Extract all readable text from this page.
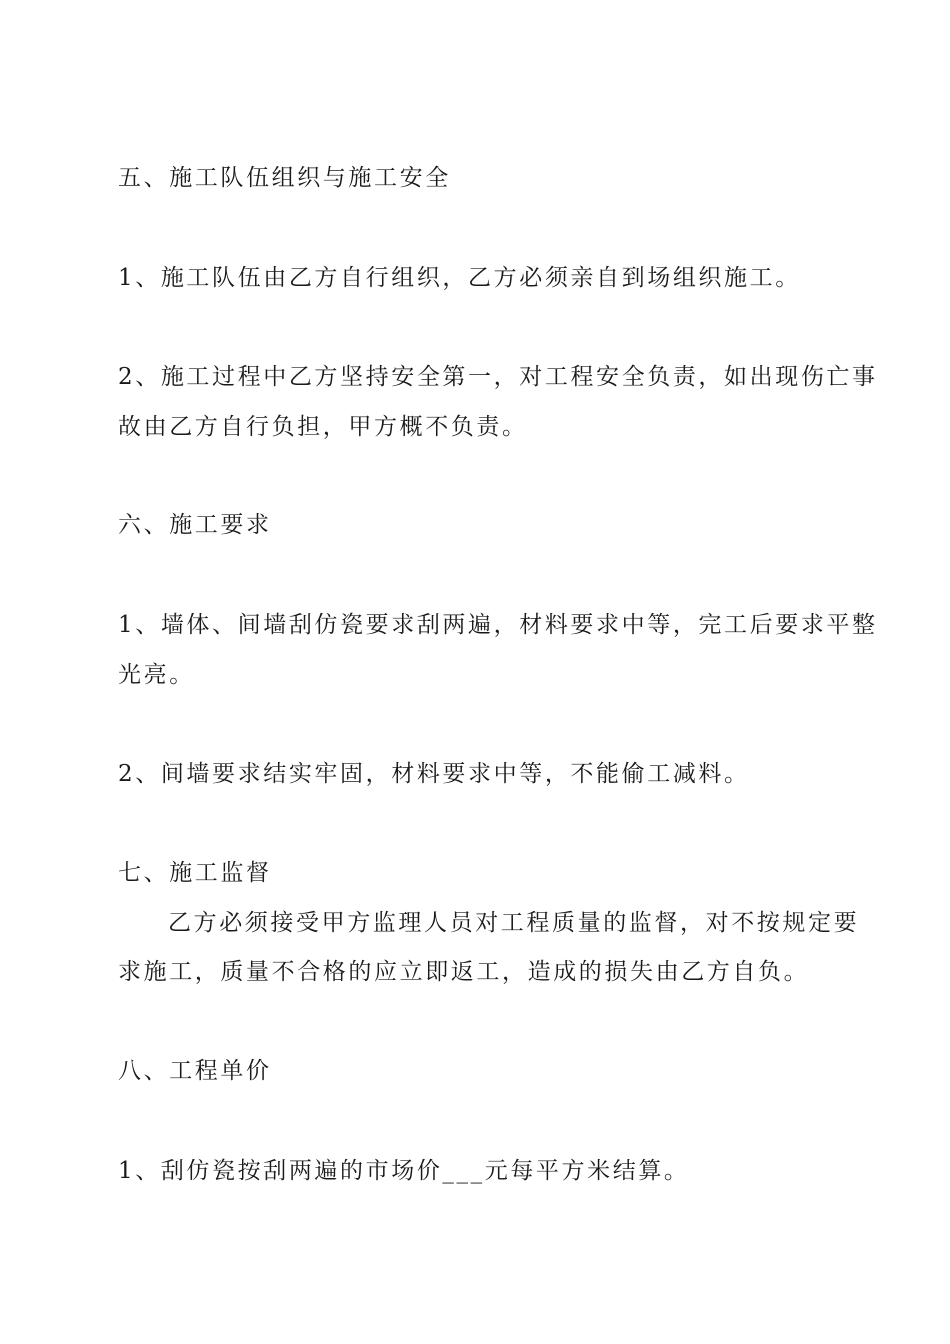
五、施工队伍组织与施工安全
1、施工队伍由乙方自行组织，乙方必须亲自到场组织施工。
2、施工过程中乙方坚持安全第一，对工程安全负责，如出现伤亡事
故由乙方自行负担，甲方概不负责。
六、施工要求
1、墙体、间墙刮仿瓷要求刮两遍，材料要求中等，完工后要求平整
光亮。
2、间墙要求结实牢固，材料要求中等，不能偷工减料。
七、施工监督
乙方必须接受甲方监理人员对工程质量的监督，对不按规定要
求施工，质量不合格的应立即返工，造成的损失由乙方自负。
八、工程单价
1、刮仿瓷按刮两遍的市场价___元每平方米结算。
